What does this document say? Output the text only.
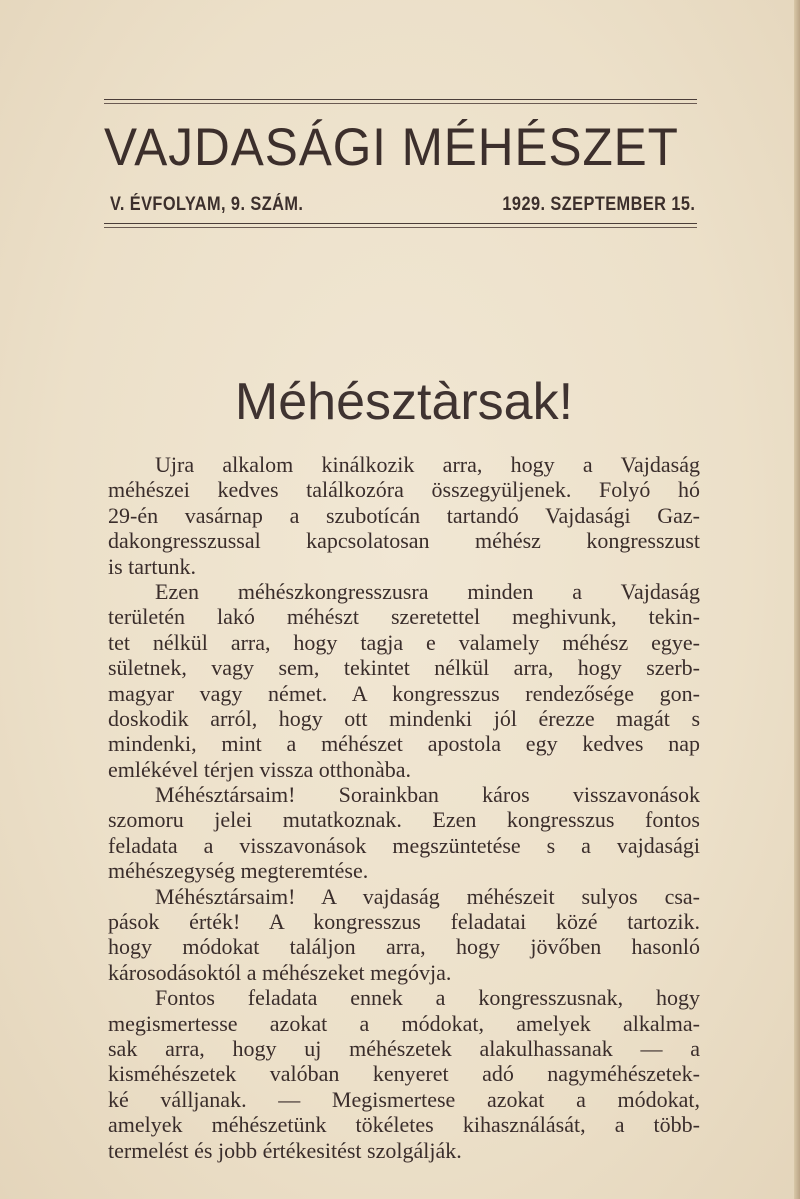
VAJDASÁGI MÉHÉSZET
V. ÉVFOLYAM, 9. SZÁM.	1929. SZEPTEMBER 15.
Méhésztàrsak!
Ujra alkalom kinálkozik arra, hogy a Vajdaság
méhészei kedves találkozóra összegyüljenek. Folyó hó
29-én vasárnap a szubotícán tartandó Vajdasági Gaz-
dakongresszussal kapcsolatosan méhész kongresszust
is tartunk.
Ezen méhészkongresszusra minden a Vajdaság
területén lakó méhészt szeretettel meghivunk, tekin-
tet nélkül arra, hogy tagja e valamely méhész egye-
sületnek, vagy sem, tekintet nélkül arra, hogy szerb-
magyar vagy német. A kongresszus rendezősége gon-
doskodik arról, hogy ott mindenki jól érezze magát s
mindenki, mint a méhészet apostola egy kedves nap
emlékével térjen vissza otthonàba.
Méhésztársaim! Sorainkban káros visszavonások
szomoru jelei mutatkoznak. Ezen kongresszus fontos
feladata a visszavonások megszüntetése s a vajdasági
méhészegység megteremtése.
Méhésztársaim! A vajdaság méhészeit sulyos csa-
pások érték! A kongresszus feladatai közé tartozik.
hogy módokat találjon arra, hogy jövőben hasonló
károsodásoktól a méhészeket megóvja.
Fontos feladata ennek a kongresszusnak, hogy
megismertesse azokat a módokat, amelyek alkalma-
sak arra, hogy uj méhészetek alakulhassanak — a
kisméhészetek valóban kenyeret adó nagyméhészetek-
ké válljanak. — Megismertese azokat a módokat,
amelyek méhészetünk tökéletes kihasználását, a több-
termelést és jobb értékesitést szolgálják.
